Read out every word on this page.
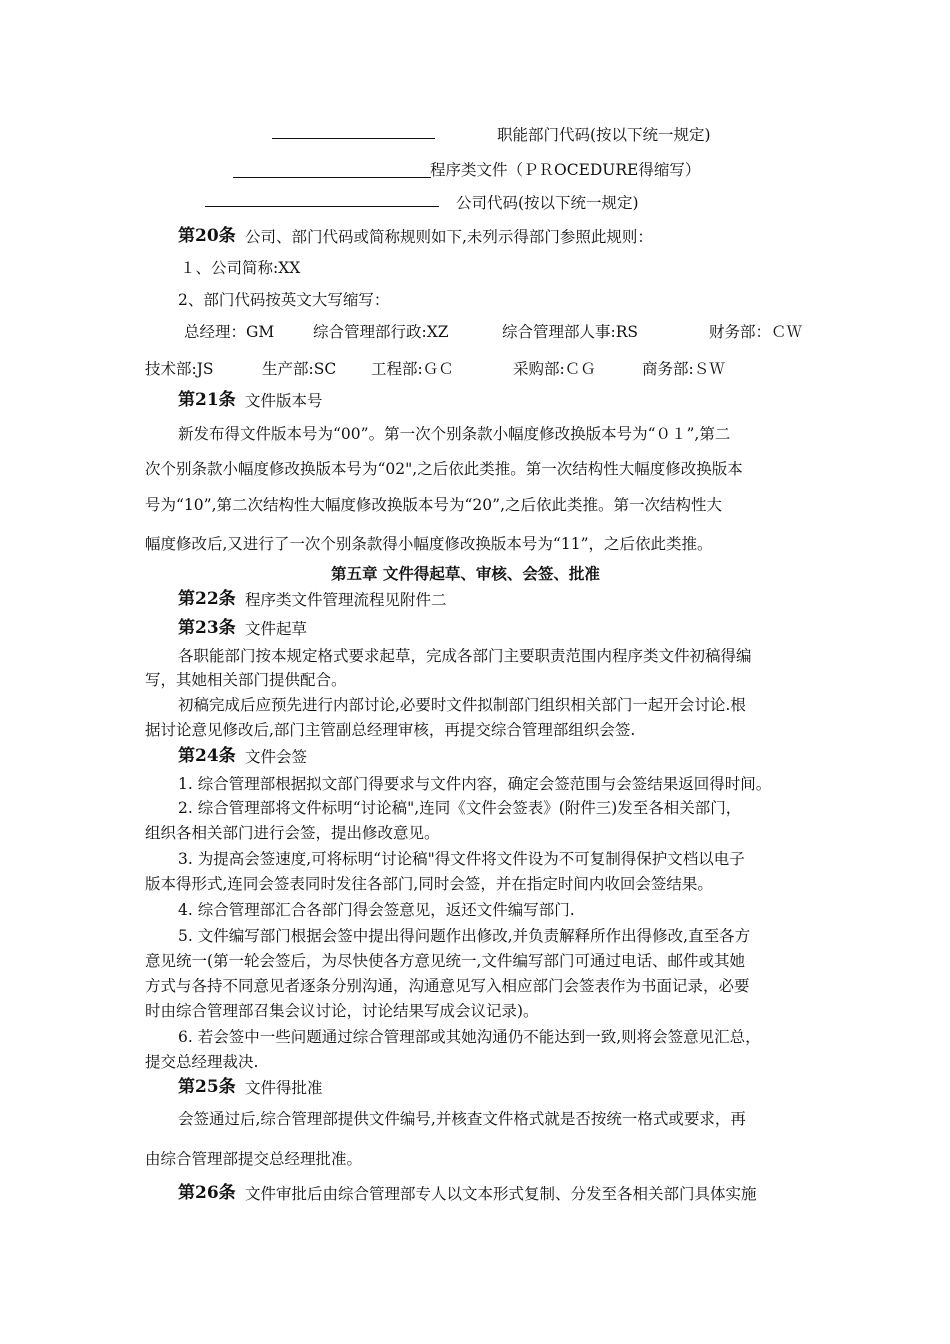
职能部门代码(按以下统一规定)
程序类文件（ＰＲOCEDURE得缩写）
公司代码(按以下统一规定)
第20条 公司、部门代码或简称规则如下,未列示得部门参照此规则：
１、公司简称:XX
2、部门代码按英文大写缩写：
总经理：GM 综合管理部行政:XZ	综合管理部人事:RS	财务部：ＣＷ
技术部:JS	生产部:SC 工程部:ＧＣ	采购部:ＣＧ	商务部:ＳＷ
第21条 文件版本号
新发布得文件版本号为“00”。第一次个别条款小幅度修改换版本号为“０１”,第二
次个别条款小幅度修改换版本号为“02",之后依此类推。第一次结构性大幅度修改换版本
号为“10”,第二次结构性大幅度修改换版本号为“20”,之后依此类推。第一次结构性大
幅度修改后,又进行了一次个别条款得小幅度修改换版本号为“11”，之后依此类推。
第五章 文件得起草、审核、会签、批准
第22条 程序类文件管理流程见附件二
第23条 文件起草
各职能部门按本规定格式要求起草，完成各部门主要职责范围内程序类文件初稿得编
写，其她相关部门提供配合。
初稿完成后应预先进行内部讨论,必要时文件拟制部门组织相关部门一起开会讨论.根
据讨论意见修改后,部门主管副总经理审核，再提交综合管理部组织会签.
第24条 文件会签
1. 综合管理部根据拟文部门得要求与文件内容，确定会签范围与会签结果返回得时间。
2. 综合管理部将文件标明“讨论稿",连同《文件会签表》(附件三)发至各相关部门，
组织各相关部门进行会签，提出修改意见。
3. 为提高会签速度,可将标明“讨论稿"得文件将文件设为不可复制得保护文档以电子
版本得形式,连同会签表同时发往各部门,同时会签，并在指定时间内收回会签结果。
4. 综合管理部汇合各部门得会签意见，返还文件编写部门.
5. 文件编写部门根据会签中提出得问题作出修改,并负责解释所作出得修改,直至各方
意见统一(第一轮会签后，为尽快使各方意见统一,文件编写部门可通过电话、邮件或其她
方式与各持不同意见者逐条分别沟通，沟通意见写入相应部门会签表作为书面记录，必要
时由综合管理部召集会议讨论，讨论结果写成会议记录)。
6. 若会签中一些问题通过综合管理部或其她沟通仍不能达到一致,则将会签意见汇总，
提交总经理裁决.
第25条 文件得批准
会签通过后,综合管理部提供文件编号,并核查文件格式就是否按统一格式或要求，再
由综合管理部提交总经理批准。
第26条 文件审批后由综合管理部专人以文本形式复制、分发至各相关部门具体实施
